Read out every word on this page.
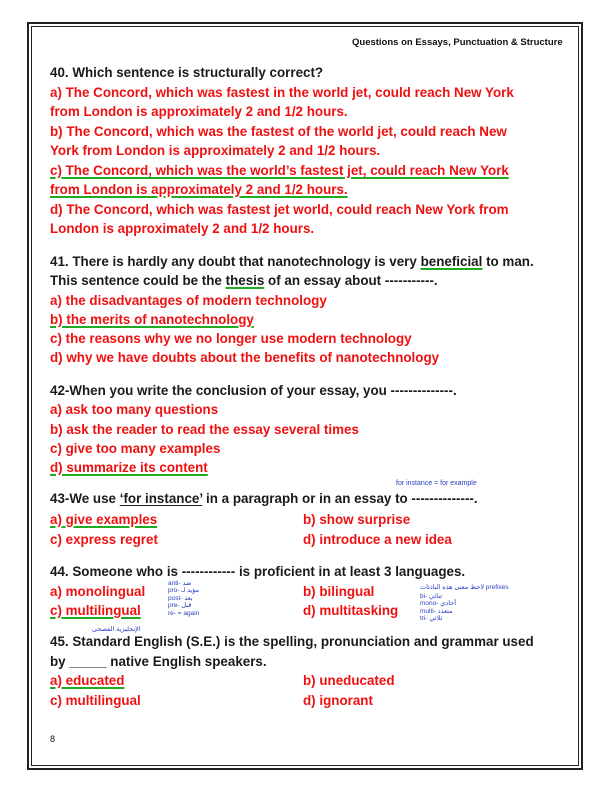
Questions on Essays, Punctuation & Structure
40. Which sentence is structurally correct?
a) The Concord, which was fastest in the world jet, could reach New York
from London is approximately 2 and 1/2 hours.
b) The Concord, which was the fastest of the world jet, could reach New
York from London is approximately 2 and 1/2 hours.
c) The Concord, which was the world’s fastest jet, could reach New York
from London is approximately 2 and 1/2 hours.
d) The Concord, which was fastest jet world, could reach New York from
London is approximately 2 and 1/2 hours.
41. There is hardly any doubt that nanotechnology is very beneficial to man.
This sentence could be the thesis of an essay about -----------.
a) the disadvantages of modern technology
b) the merits of nanotechnology
c) the reasons why we no longer use modern technology
d) why we have doubts about the benefits of nanotechnology
42-When you write the conclusion of your essay, you --------------.
a) ask too many questions
b) ask the reader to read the essay several times
c) give too many examples
d) summarize its content
for instance = for example
43-We use ‘for instance’ in a paragraph or in an essay to --------------.
a) give examples	b) show surprise
c) express regret	d) introduce a new idea
44. Someone who is ------------ is proficient in at least 3 languages.
a) monolingual	b) bilingual
c) multilingual	d) multitasking
anti- ضد
pro- مؤيد لـ
post- بعد
pre- قبل
re- = again
لاحظ معنى هذه البادئات prefixes
bi- ثنائي
mono- أحادي
multi- متعدد
tri- ثلاثي
الإنجليزية الفصحى
45. Standard English (S.E.) is the spelling, pronunciation and grammar used
by _____ native English speakers.
a) educated	b) uneducated
c) multilingual	d) ignorant
8
